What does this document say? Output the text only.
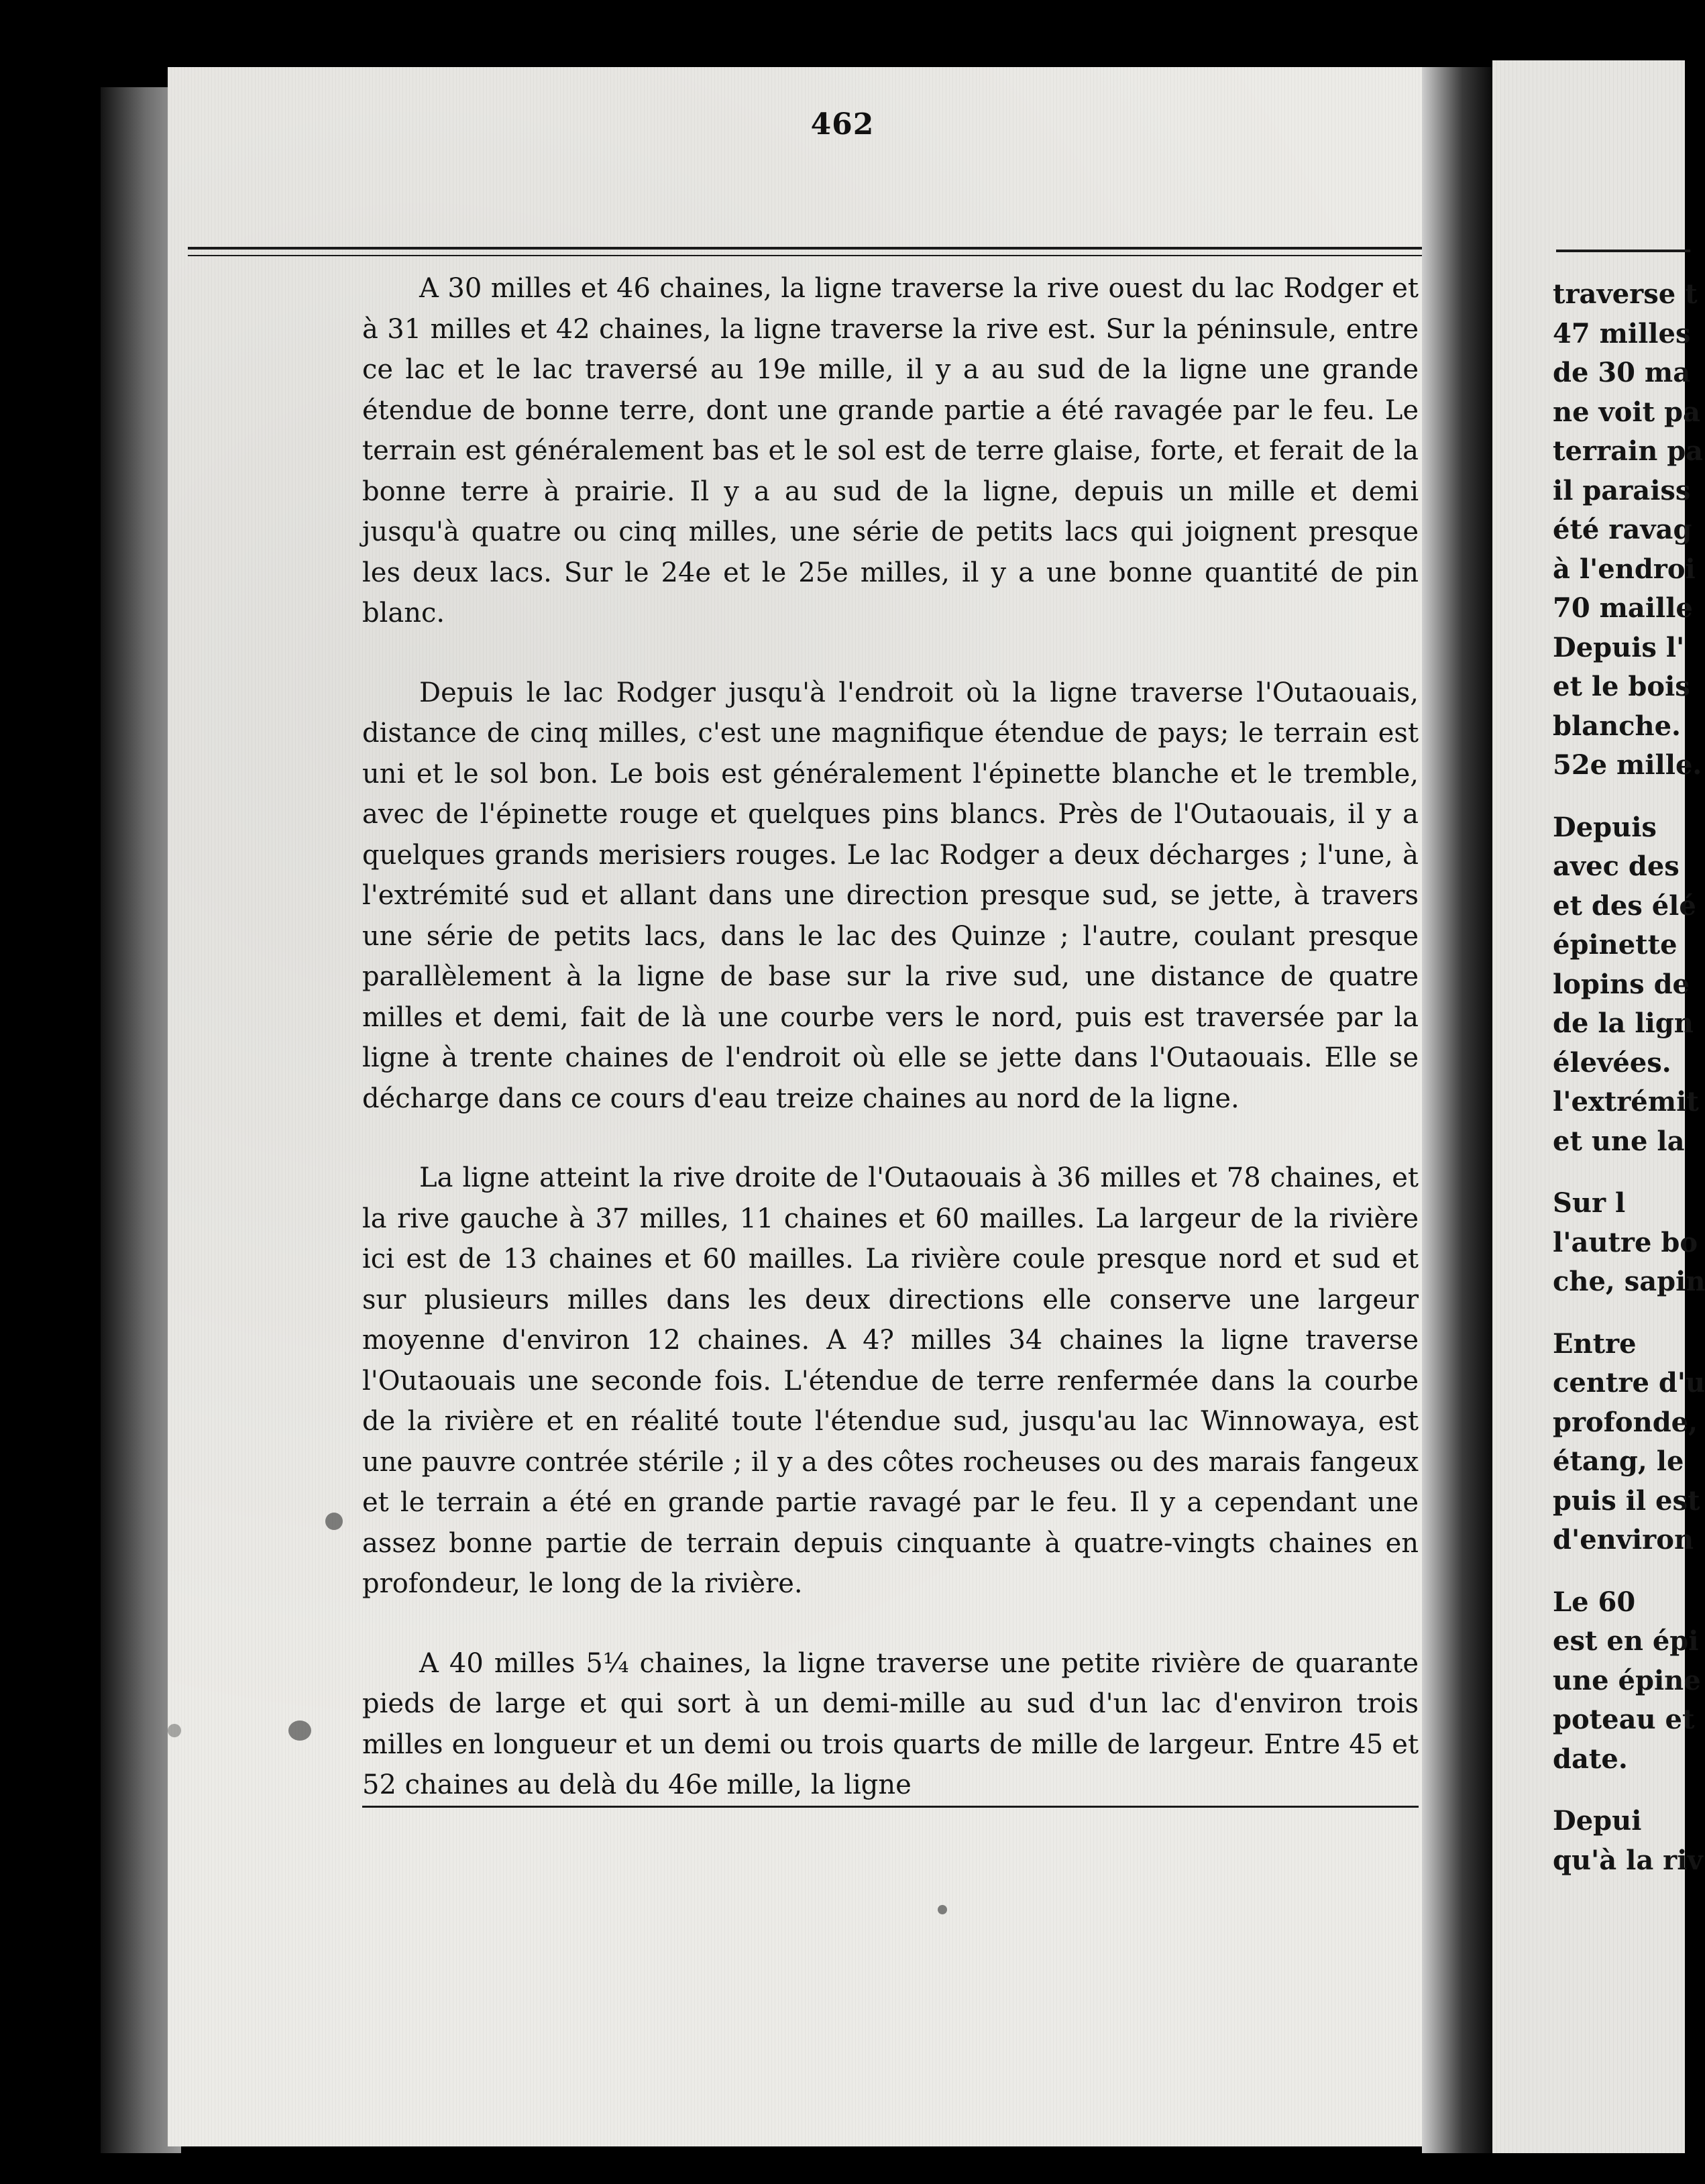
462

A 30 milles et 46 chaines, la ligne traverse la rive ouest du lac Rodger et à 31 milles et 42 chaines, la ligne traverse la rive est. Sur la péninsule, entre ce lac et le lac traversé au 19e mille, il y a au sud de la ligne une grande étendue de bonne terre, dont une grande partie a été ravagée par le feu. Le terrain est généralement bas et le sol est de terre glaise, forte, et ferait de la bonne terre à prairie. Il y a au sud de la ligne, depuis un mille et demi jusqu'à quatre ou cinq milles, une série de petits lacs qui joignent presque les deux lacs. Sur le 24e et le 25e milles, il y a une bonne quantité de pin blanc.

Depuis le lac Rodger jusqu'à l'endroit où la ligne traverse l'Outaouais, distance de cinq milles, c'est une magnifique étendue de pays; le terrain est uni et le sol bon. Le bois est généralement l'épinette blanche et le tremble, avec de l'épinette rouge et quelques pins blancs. Près de l'Outaouais, il y a quelques grands merisiers rouges. Le lac Rodger a deux décharges ; l'une, à l'extrémité sud et allant dans une direction presque sud, se jette, à travers une série de petits lacs, dans le lac des Quinze ; l'autre, coulant presque parallèlement à la ligne de base sur la rive sud, une distance de quatre milles et demi, fait de là une courbe vers le nord, puis est traversée par la ligne à trente chaines de l'endroit où elle se jette dans l'Outaouais. Elle se décharge dans ce cours d'eau treize chaines au nord de la ligne.

La ligne atteint la rive droite de l'Outaouais à 36 milles et 78 chaines, et la rive gauche à 37 milles, 11 chaines et 60 mailles. La largeur de la rivière ici est de 13 chaines et 60 mailles. La rivière coule presque nord et sud et sur plusieurs milles dans les deux directions elle conserve une largeur moyenne d'environ 12 chaines. A 4? milles 34 chaines la ligne traverse l'Outaouais une seconde fois. L'étendue de terre renfermée dans la courbe de la rivière et en réalité toute l'étendue sud, jusqu'au lac Winnowaya, est une pauvre contrée stérile ; il y a des côtes rocheuses ou des marais fangeux et le terrain a été en grande partie ravagé par le feu. Il y a cependant une assez bonne partie de terrain depuis cinquante à quatre-vingts chaines en profondeur, le long de la rivière.

A 40 milles 5¼ chaines, la ligne traverse une petite rivière de quarante pieds de large et qui sort à un demi-mille au sud d'un lac d'environ trois milles en longueur et un demi ou trois quarts de mille de largeur. Entre 45 et 52 chaines au delà du 46e mille, la ligne

traverse t
47 milles
de 30 ma
ne voit pa
terrain pa
il paraiss
été ravag
à l'endroi
70 maille
Depuis l'
et le bois
blanche.
52e mille.
Depuis
avec des
et des élé
épinette
lopins de
de la lign
élevées.
l'extrémit
et une la
Sur l
l'autre bo
che, sapin
Entre
centre d'u
profonde,
étang, le
puis il est
d'environ
Le 60
est en épi
une épine
poteau et
date.
Depui
qu'à la riv
